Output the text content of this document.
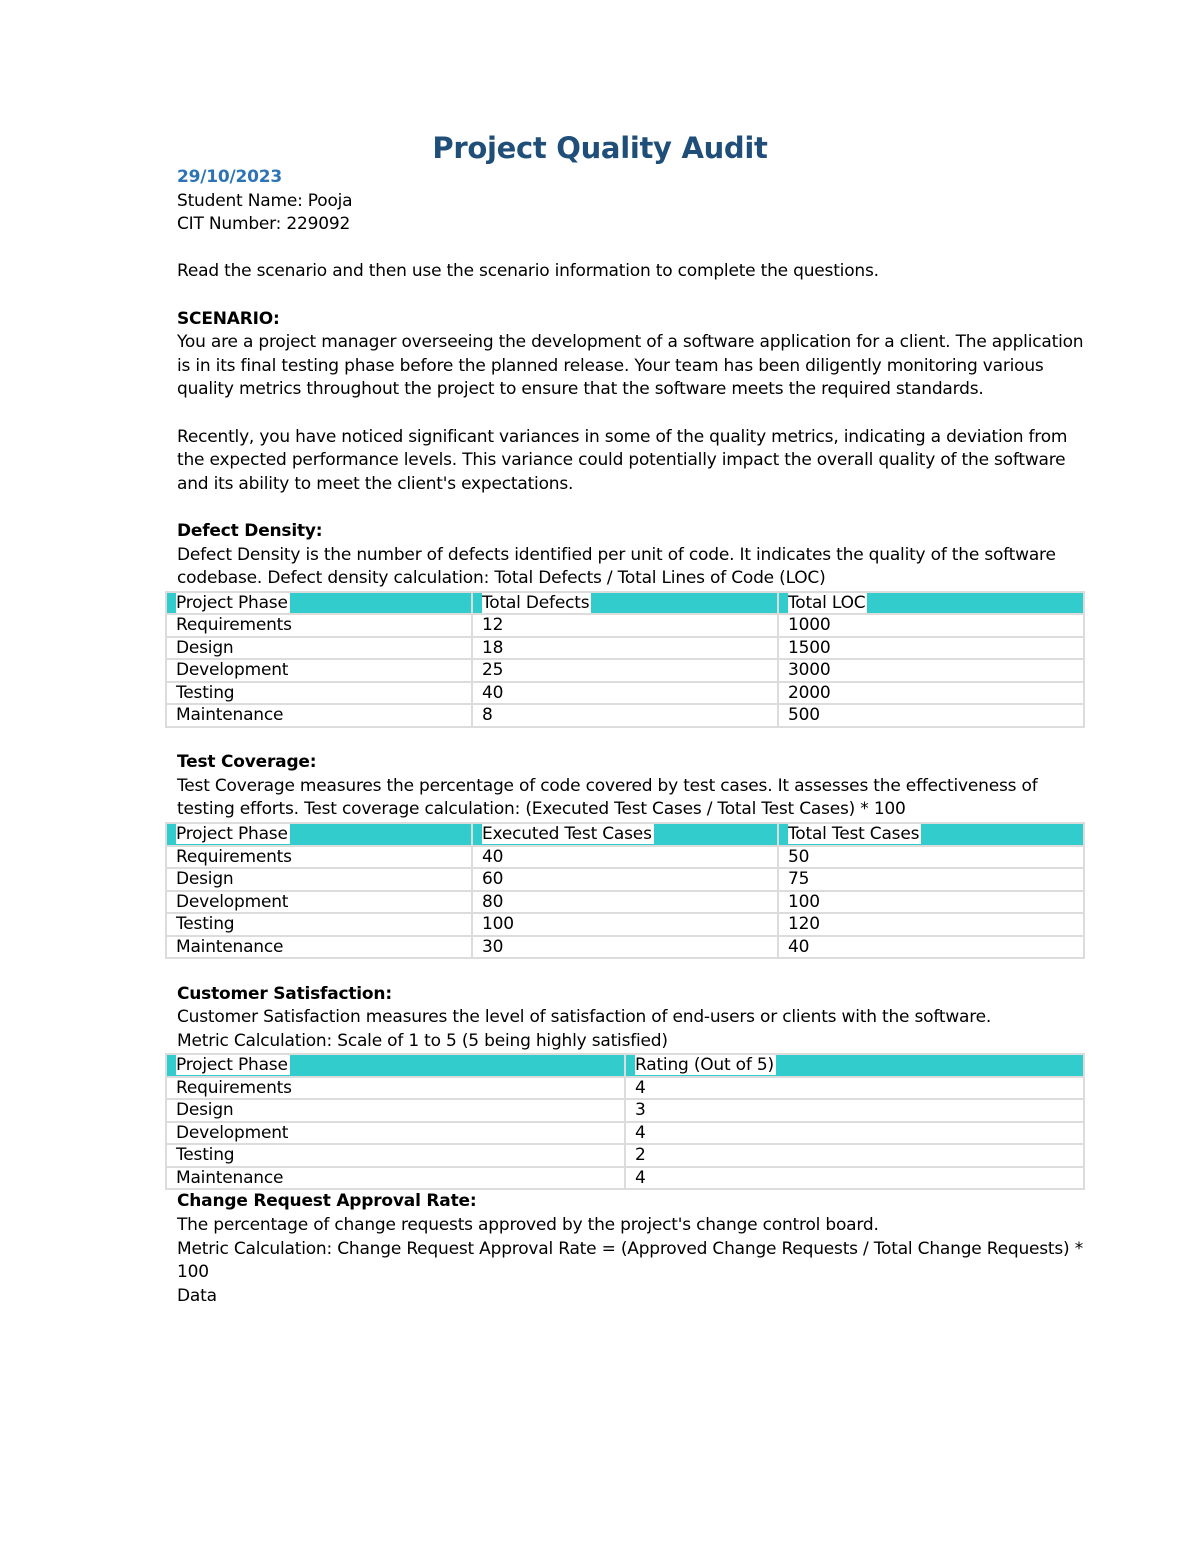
Project Quality Audit

29/10/2023

Student Name: Pooja

CIT Number: 229092

Read the scenario and then use the scenario information to complete the questions.

SCENARIO:

You are a project manager overseeing the development of a software application for a client. The application is in its final testing phase before the planned release. Your team has been diligently monitoring various quality metrics throughout the project to ensure that the software meets the required standards.

Recently, you have noticed significant variances in some of the quality metrics, indicating a deviation from the expected performance levels. This variance could potentially impact the overall quality of the software and its ability to meet the client's expectations.

Defect Density:

Defect Density is the number of defects identified per unit of code. It indicates the quality of the software codebase. Defect density calculation: Total Defects / Total Lines of Code (LOC)

Project Phase	Total Defects	Total LOC
Requirements	12	1000
Design	18	1500
Development	25	3000
Testing	40	2000
Maintenance	8	500

Test Coverage:

Test Coverage measures the percentage of code covered by test cases. It assesses the effectiveness of testing efforts. Test coverage calculation: (Executed Test Cases / Total Test Cases) * 100

Project Phase	Executed Test Cases	Total Test Cases
Requirements	40	50
Design	60	75
Development	80	100
Testing	100	120
Maintenance	30	40

Customer Satisfaction:

Customer Satisfaction measures the level of satisfaction of end-users or clients with the software.

Metric Calculation: Scale of 1 to 5 (5 being highly satisfied)

Project Phase	Rating (Out of 5)
Requirements	4
Design	3
Development	4
Testing	2
Maintenance	4

Change Request Approval Rate:

The percentage of change requests approved by the project's change control board.

Metric Calculation: Change Request Approval Rate = (Approved Change Requests / Total Change Requests) * 100

Data
